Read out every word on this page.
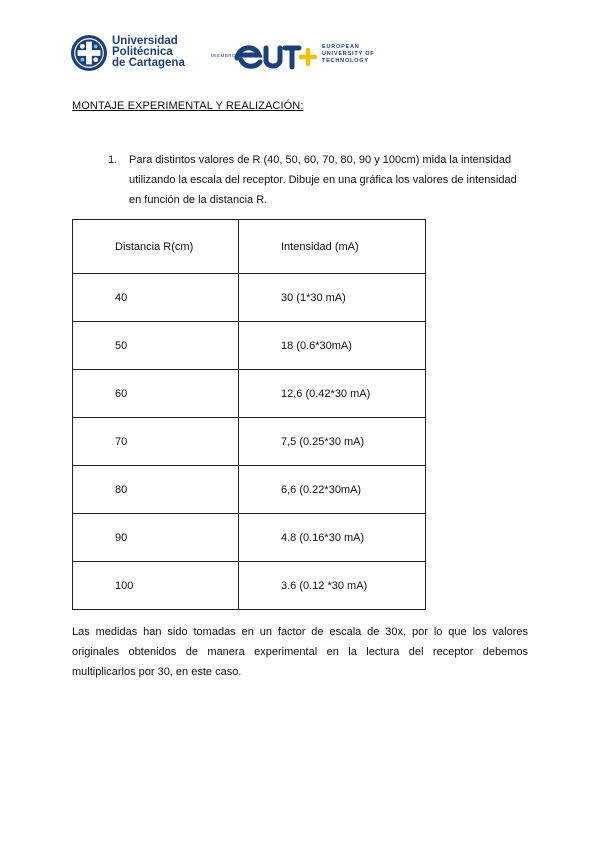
Universidad
Politécnica
de Cartagena
MIEMBRO DE
EUROPEAN
UNIVERSITY OF
TECHNOLOGY
MONTAJE EXPERIMENTAL Y REALIZACIÓN:
1. Para distintos valores de R (40, 50, 60, 70, 80, 90 y 100cm) mida la intensidad
utilizando la escala del receptor. Dibuje en una gráfica los valores de intensidad
en función de la distancia R.
Distancia R(cm)	Intensidad (mA)
40	30 (1*30 mA)
50	18 (0.6*30mA)
60	12,6 (0.42*30 mA)
70	7,5 (0.25*30 mA)
80	6,6 (0.22*30mA)
90	4.8 (0.16*30 mA)
100	3.6 (0.12 *30 mA)
Las medidas han sido tomadas en un factor de escala de 30x, por lo que los valores originales obtenidos de manera experimental en la lectura del receptor debemos multiplicarlos por 30, en este caso.
